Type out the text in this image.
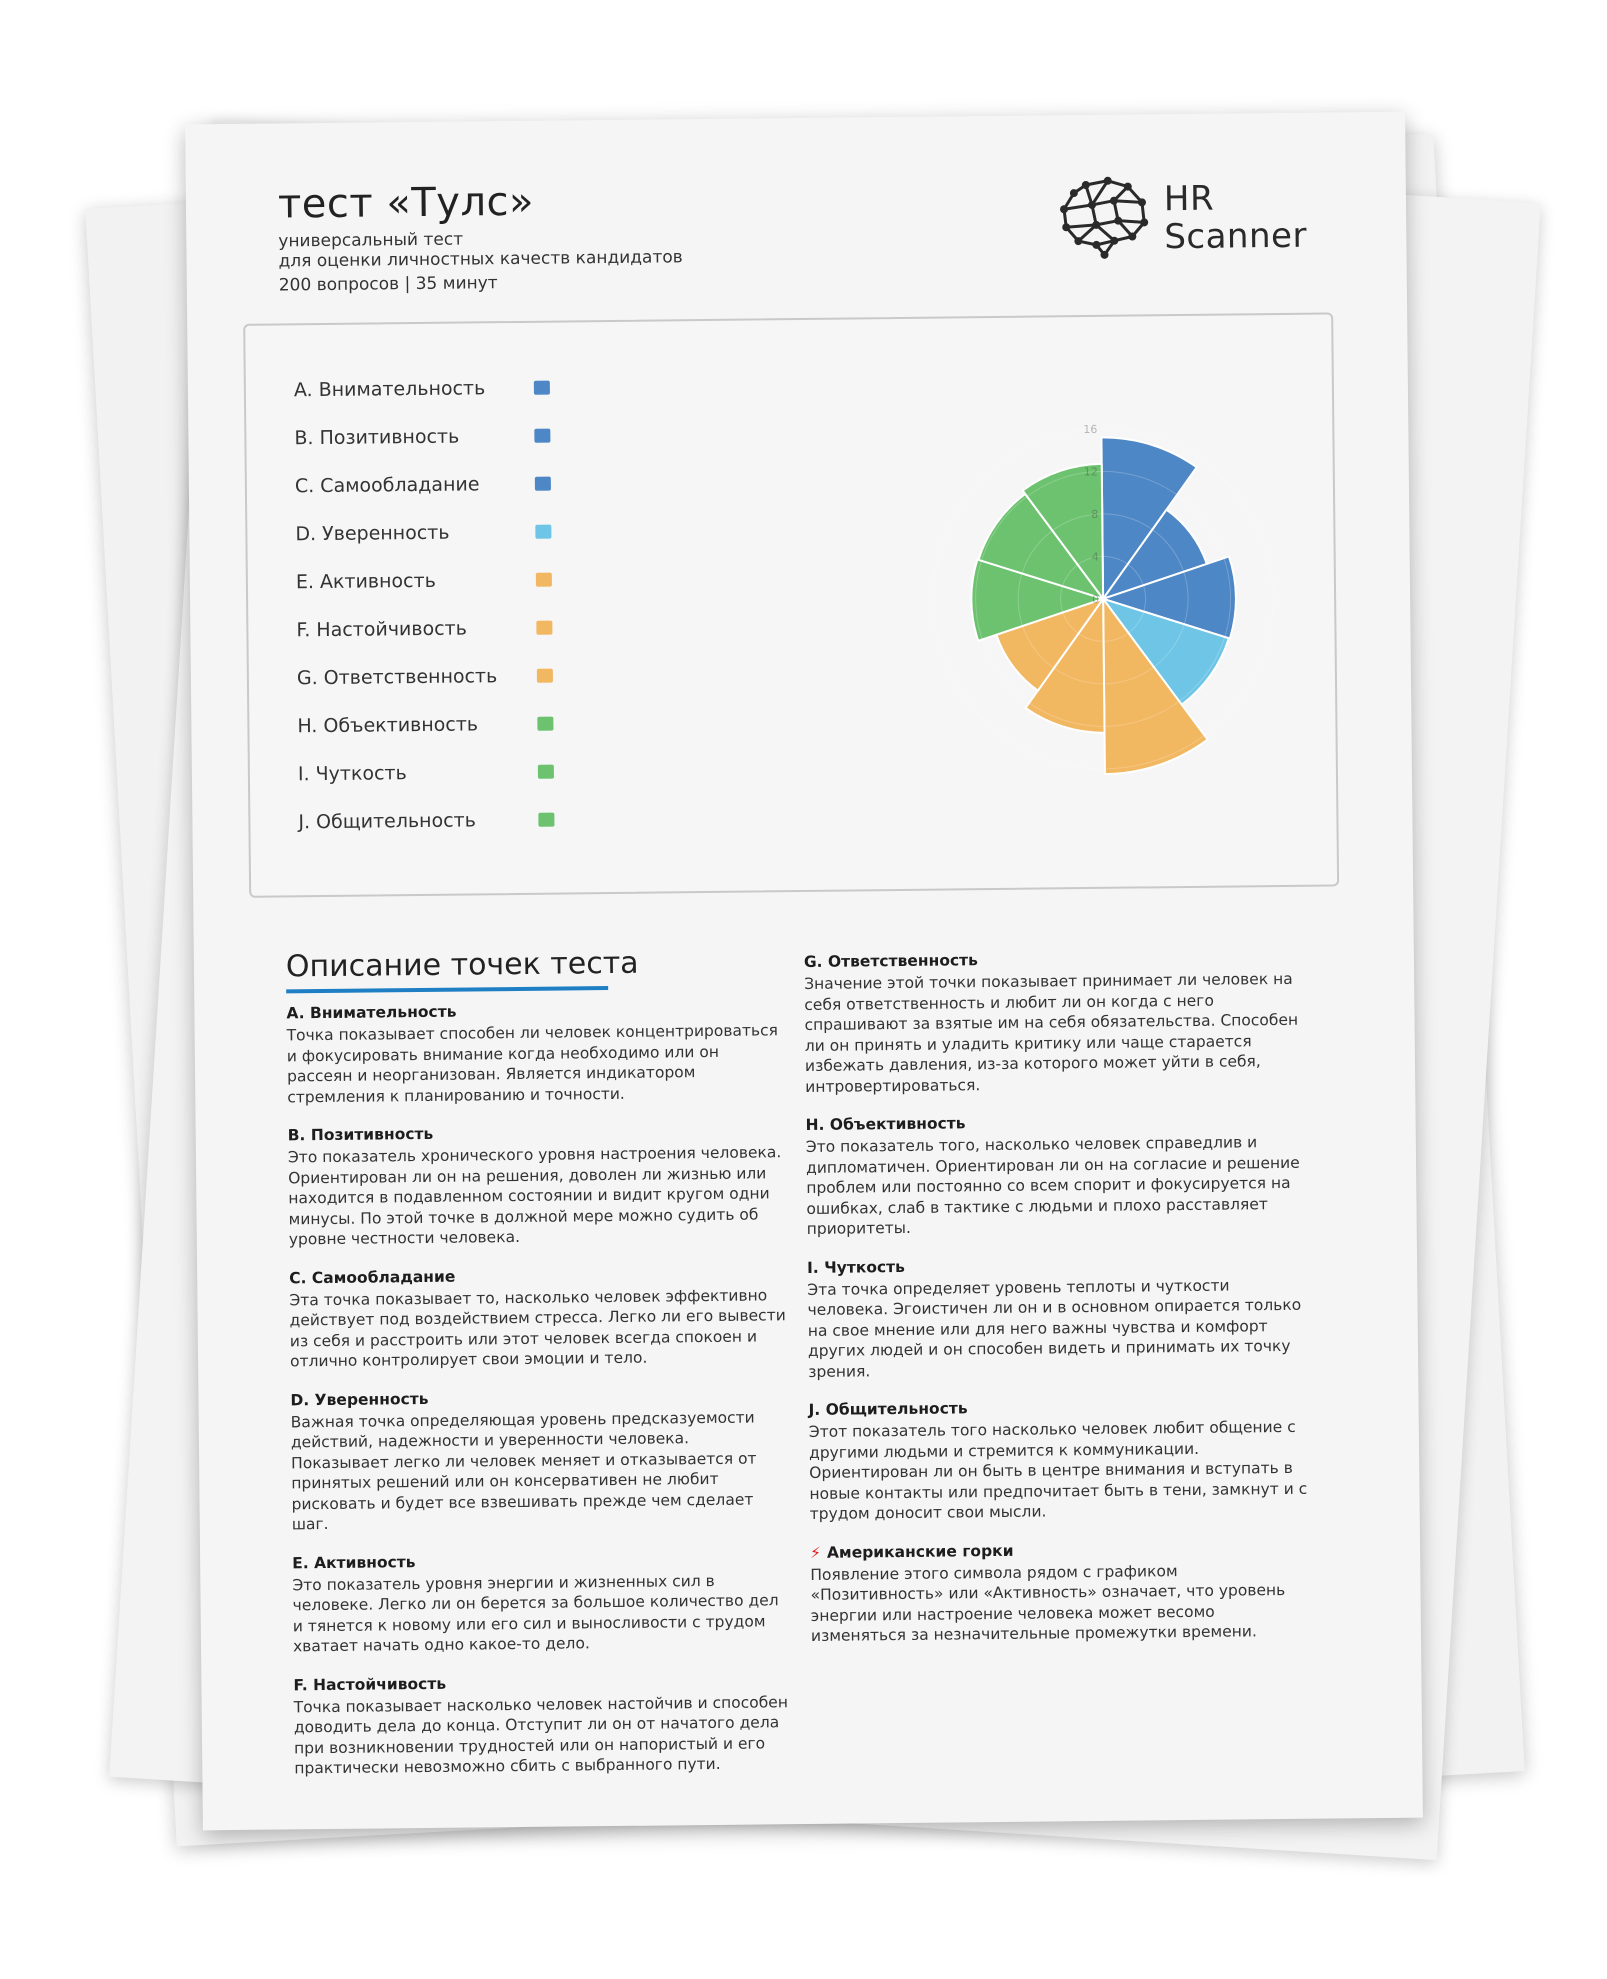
тест «Тулс»
универсальный тест
для оценки личностных качеств кандидатов
200 вопросов | 35 минут
HR
Scanner
A. Внимательность
B. Позитивность
C. Самообладание
D. Уверенность
E. Активность
F. Настойчивость
G. Ответственность
H. Объективность
I. Чуткость
J. Общительность
0
4
8
12
16
Описание точек теста
A. Внимательность

Точка показывает способен ли человек концентрироваться и фокусировать внимание когда необходимо или он рассеян и неорганизован. Является индикатором стремления к планированию и точности.

B. Позитивность

Это показатель хронического уровня настроения человека. Ориентирован ли он на решения, доволен ли жизнью или находится в подавленном состоянии и видит кругом одни минусы. По этой точке в должной мере можно судить об уровне честности человека.

C. Самообладание

Эта точка показывает то, насколько человек эффективно действует под воздействием стресса. Легко ли его вывести из себя и расстроить или этот человек всегда спокоен и отлично контролирует свои эмоции и тело.

D. Уверенность

Важная точка определяющая уровень предсказуемости действий, надежности и уверенности человека. Показывает легко ли человек меняет и отказывается от принятых решений или он консервативен не любит рисковать и будет все взвешивать прежде чем сделает шаг.

E. Активность

Это показатель уровня энергии и жизненных сил в человеке. Легко ли он берется за большое количество дел и тянется к новому или его сил и выносливости с трудом хватает начать одно какое-то дело.

F. Настойчивость

Точка показывает насколько человек настойчив и способен доводить дела до конца. Отступит ли он от начатого дела при возникновении трудностей или он напористый и его практически невозможно сбить с выбранного пути.

G. Ответственность

Значение этой точки показывает принимает ли человек на себя ответственность и любит ли он когда с него спрашивают за взятые им на себя обязательства. Способен ли он принять и уладить критику или чаще старается избежать давления, из-за которого может уйти в себя, интровертироваться.

H. Объективность

Это показатель того, насколько человек справедлив и дипломатичен. Ориентирован ли он на согласие и решение проблем или постоянно со всем спорит и фокусируется на ошибках, слаб в тактике с людьми и плохо расставляет приоритеты.

I. Чуткость

Эта точка определяет уровень теплоты и чуткости человека. Эгоистичен ли он и в основном опирается только на свое мнение или для него важны чувства и комфорт других людей и он способен видеть и принимать их точку зрения.

J. Общительность

Этот показатель того насколько человек любит общение с другими людьми и стремится к коммуникации. Ориентирован ли он быть в центре внимания и вступать в новые контакты или предпочитает быть в тени, замкнут и с трудом доносит свои мысли.

⚡ Американские горки

Появление этого символа рядом с графиком «Позитивность» или «Активность» означает, что уровень энергии или настроение человека может весомо изменяться за незначительные промежутки времени.
